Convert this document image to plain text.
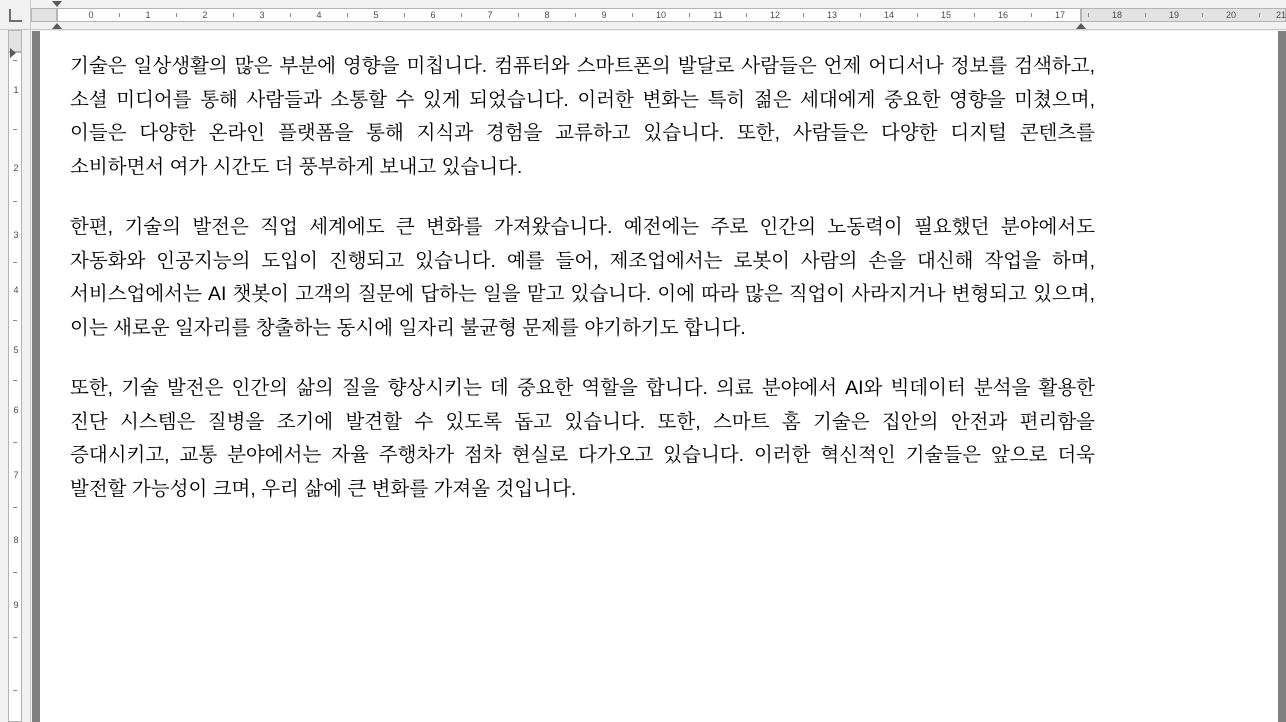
0	1	2	3	4	5	6	7	8	9	10	11	12	13	14	15	16	17	18	19	20	21
1
2
3
4
5
6
7
8
9

기술은 일상생활의 많은 부분에 영향을 미칩니다. 컴퓨터와 스마트폰의 발달로 사람들은 언제 어디서나 정보를 검색하고, 소셜 미디어를 통해 사람들과 소통할 수 있게 되었습니다. 이러한 변화는 특히 젊은 세대에게 중요한 영향을 미쳤으며, 이들은 다양한 온라인 플랫폼을 통해 지식과 경험을 교류하고 있습니다. 또한, 사람들은 다양한 디지털 콘텐츠를 소비하면서 여가 시간도 더 풍부하게 보내고 있습니다.

한편, 기술의 발전은 직업 세계에도 큰 변화를 가져왔습니다. 예전에는 주로 인간의 노동력이 필요했던 분야에서도 자동화와 인공지능의 도입이 진행되고 있습니다. 예를 들어, 제조업에서는 로봇이 사람의 손을 대신해 작업을 하며, 서비스업에서는 AI 챗봇이 고객의 질문에 답하는 일을 맡고 있습니다. 이에 따라 많은 직업이 사라지거나 변형되고 있으며, 이는 새로운 일자리를 창출하는 동시에 일자리 불균형 문제를 야기하기도 합니다.

또한, 기술 발전은 인간의 삶의 질을 향상시키는 데 중요한 역할을 합니다. 의료 분야에서 AI와 빅데이터 분석을 활용한 진단 시스템은 질병을 조기에 발견할 수 있도록 돕고 있습니다. 또한, 스마트 홈 기술은 집안의 안전과 편리함을 증대시키고, 교통 분야에서는 자율 주행차가 점차 현실로 다가오고 있습니다. 이러한 혁신적인 기술들은 앞으로 더욱 발전할 가능성이 크며, 우리 삶에 큰 변화를 가져올 것입니다.
